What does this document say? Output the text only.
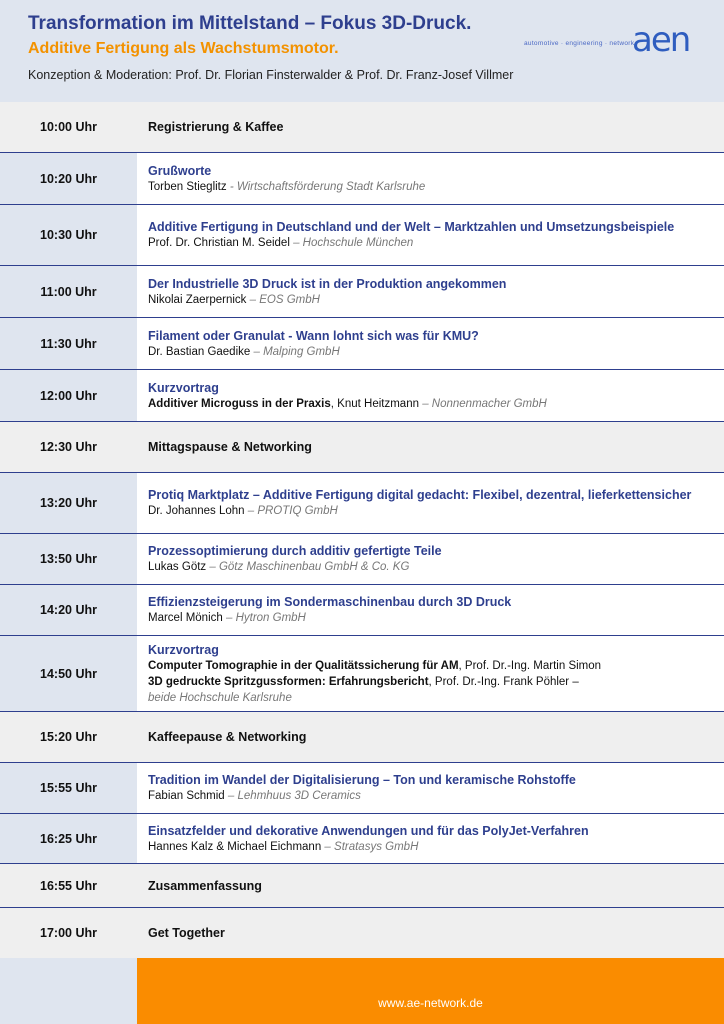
Transformation im Mittelstand – Fokus 3D-Druck.
Additive Fertigung als Wachstumsmotor.
Konzeption & Moderation: Prof. Dr. Florian Finsterwalder & Prof. Dr. Franz-Josef Villmer
automotive · engineering · network
aen
10:00 Uhr	Registrierung & Kaffee
10:20 Uhr
Grußworte
Torben Stieglitz - Wirtschaftsförderung Stadt Karlsruhe
10:30 Uhr
Additive Fertigung in Deutschland und der Welt – Marktzahlen und Umsetzungsbeispiele
Prof. Dr. Christian M. Seidel – Hochschule München
11:00 Uhr
Der Industrielle 3D Druck ist in der Produktion angekommen
Nikolai Zaerpernick – EOS GmbH
11:30 Uhr
Filament oder Granulat - Wann lohnt sich was für KMU?
Dr. Bastian Gaedike – Malping GmbH
12:00 Uhr
Kurzvortrag
Additiver Microguss in der Praxis, Knut Heitzmann – Nonnenmacher GmbH
12:30 Uhr	Mittagspause & Networking
13:20 Uhr
Protiq Marktplatz – Additive Fertigung digital gedacht: Flexibel, dezentral, lieferkettensicher
Dr. Johannes Lohn – PROTIQ GmbH
13:50 Uhr
Prozessoptimierung durch additiv gefertigte Teile
Lukas Götz – Götz Maschinenbau GmbH & Co. KG
14:20 Uhr
Effizienzsteigerung im Sondermaschinenbau durch 3D Druck
Marcel Mönich – Hytron GmbH
14:50 Uhr
Kurzvortrag
Computer Tomographie in der Qualitätssicherung für AM, Prof. Dr.-Ing. Martin Simon
3D gedruckte Spritzgussformen: Erfahrungsbericht, Prof. Dr.-Ing. Frank Pöhler –
beide Hochschule Karlsruhe
15:20 Uhr	Kaffeepause & Networking
15:55 Uhr
Tradition im Wandel der Digitalisierung – Ton und keramische Rohstoffe
Fabian Schmid – Lehmhuus 3D Ceramics
16:25 Uhr
Einsatzfelder und dekorative Anwendungen und für das PolyJet-Verfahren
Hannes Kalz & Michael Eichmann – Stratasys GmbH
16:55 Uhr	Zusammenfassung
17:00 Uhr	Get Together
www.ae-network.de
